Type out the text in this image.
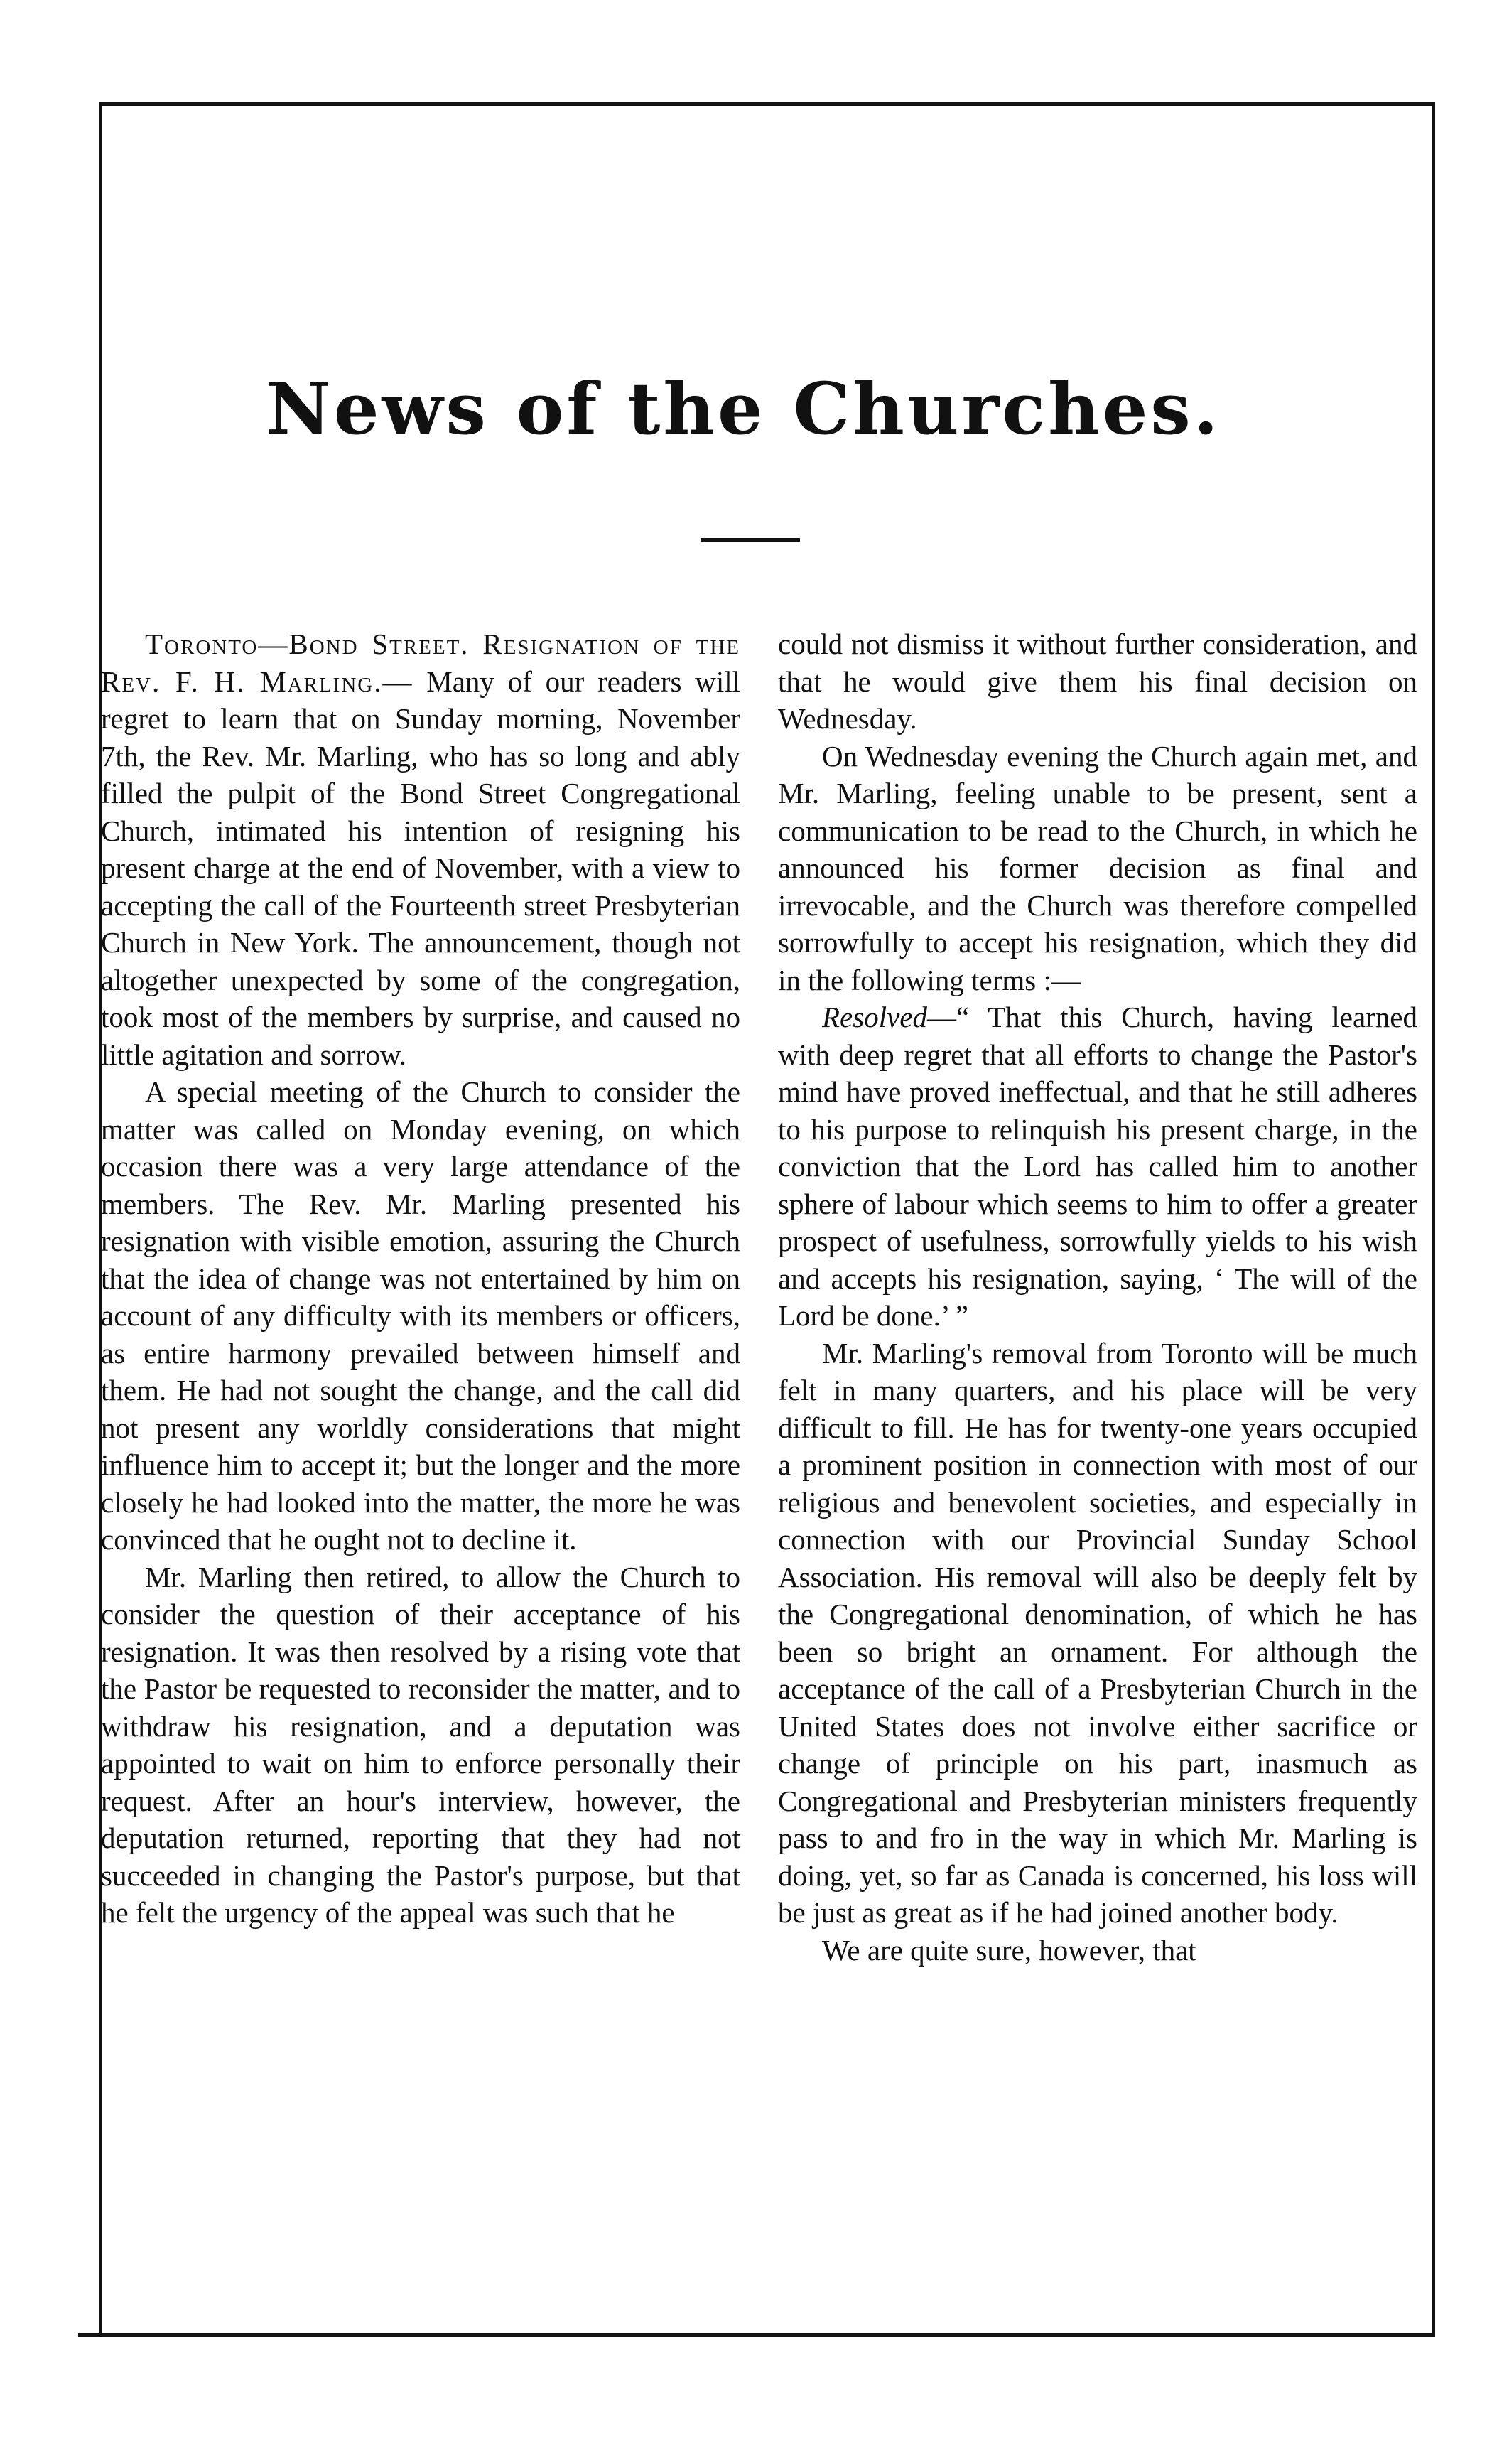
News of the Churches.

Toronto—Bond Street. Resignation of the Rev. F. H. Marling.— Many of our readers will regret to learn that on Sunday morning, November 7th, the Rev. Mr. Marling, who has so long and ably filled the pulpit of the Bond Street Congregational Church, intimated his intention of resigning his present charge at the end of November, with a view to accepting the call of the Fourteenth street Presbyterian Church in New York. The announcement, though not altogether unexpected by some of the congregation, took most of the members by surprise, and caused no little agitation and sorrow.

A special meeting of the Church to consider the matter was called on Monday evening, on which occasion there was a very large attendance of the members. The Rev. Mr. Marling presented his resignation with visible emotion, assuring the Church that the idea of change was not entertained by him on account of any difficulty with its members or officers, as entire harmony prevailed between himself and them. He had not sought the change, and the call did not present any worldly considerations that might influence him to accept it; but the longer and the more closely he had looked into the matter, the more he was convinced that he ought not to decline it.

Mr. Marling then retired, to allow the Church to consider the question of their acceptance of his resignation. It was then resolved by a rising vote that the Pastor be requested to reconsider the matter, and to withdraw his resignation, and a deputation was appointed to wait on him to enforce personally their request. After an hour's interview, however, the deputation returned, reporting that they had not succeeded in changing the Pastor's purpose, but that he felt the urgency of the appeal was such that he

could not dismiss it without further consideration, and that he would give them his final decision on Wednesday.

On Wednesday evening the Church again met, and Mr. Marling, feeling unable to be present, sent a communication to be read to the Church, in which he announced his former decision as final and irrevocable, and the Church was therefore compelled sorrowfully to accept his resignation, which they did in the following terms :—

Resolved—“ That this Church, having learned with deep regret that all efforts to change the Pastor's mind have proved ineffectual, and that he still adheres to his purpose to relinquish his present charge, in the conviction that the Lord has called him to another sphere of labour which seems to him to offer a greater prospect of usefulness, sorrowfully yields to his wish and accepts his resignation, saying, ‘ The will of the Lord be done.’ ”

Mr. Marling's removal from Toronto will be much felt in many quarters, and his place will be very difficult to fill. He has for twenty-one years occupied a prominent position in connection with most of our religious and benevolent societies, and especially in connection with our Provincial Sunday School Association. His removal will also be deeply felt by the Congregational denomination, of which he has been so bright an ornament. For although the acceptance of the call of a Presbyterian Church in the United States does not involve either sacrifice or change of principle on his part, inasmuch as Congregational and Presbyterian ministers frequently pass to and fro in the way in which Mr. Marling is doing, yet, so far as Canada is concerned, his loss will be just as great as if he had joined another body.

We are quite sure, however, that
